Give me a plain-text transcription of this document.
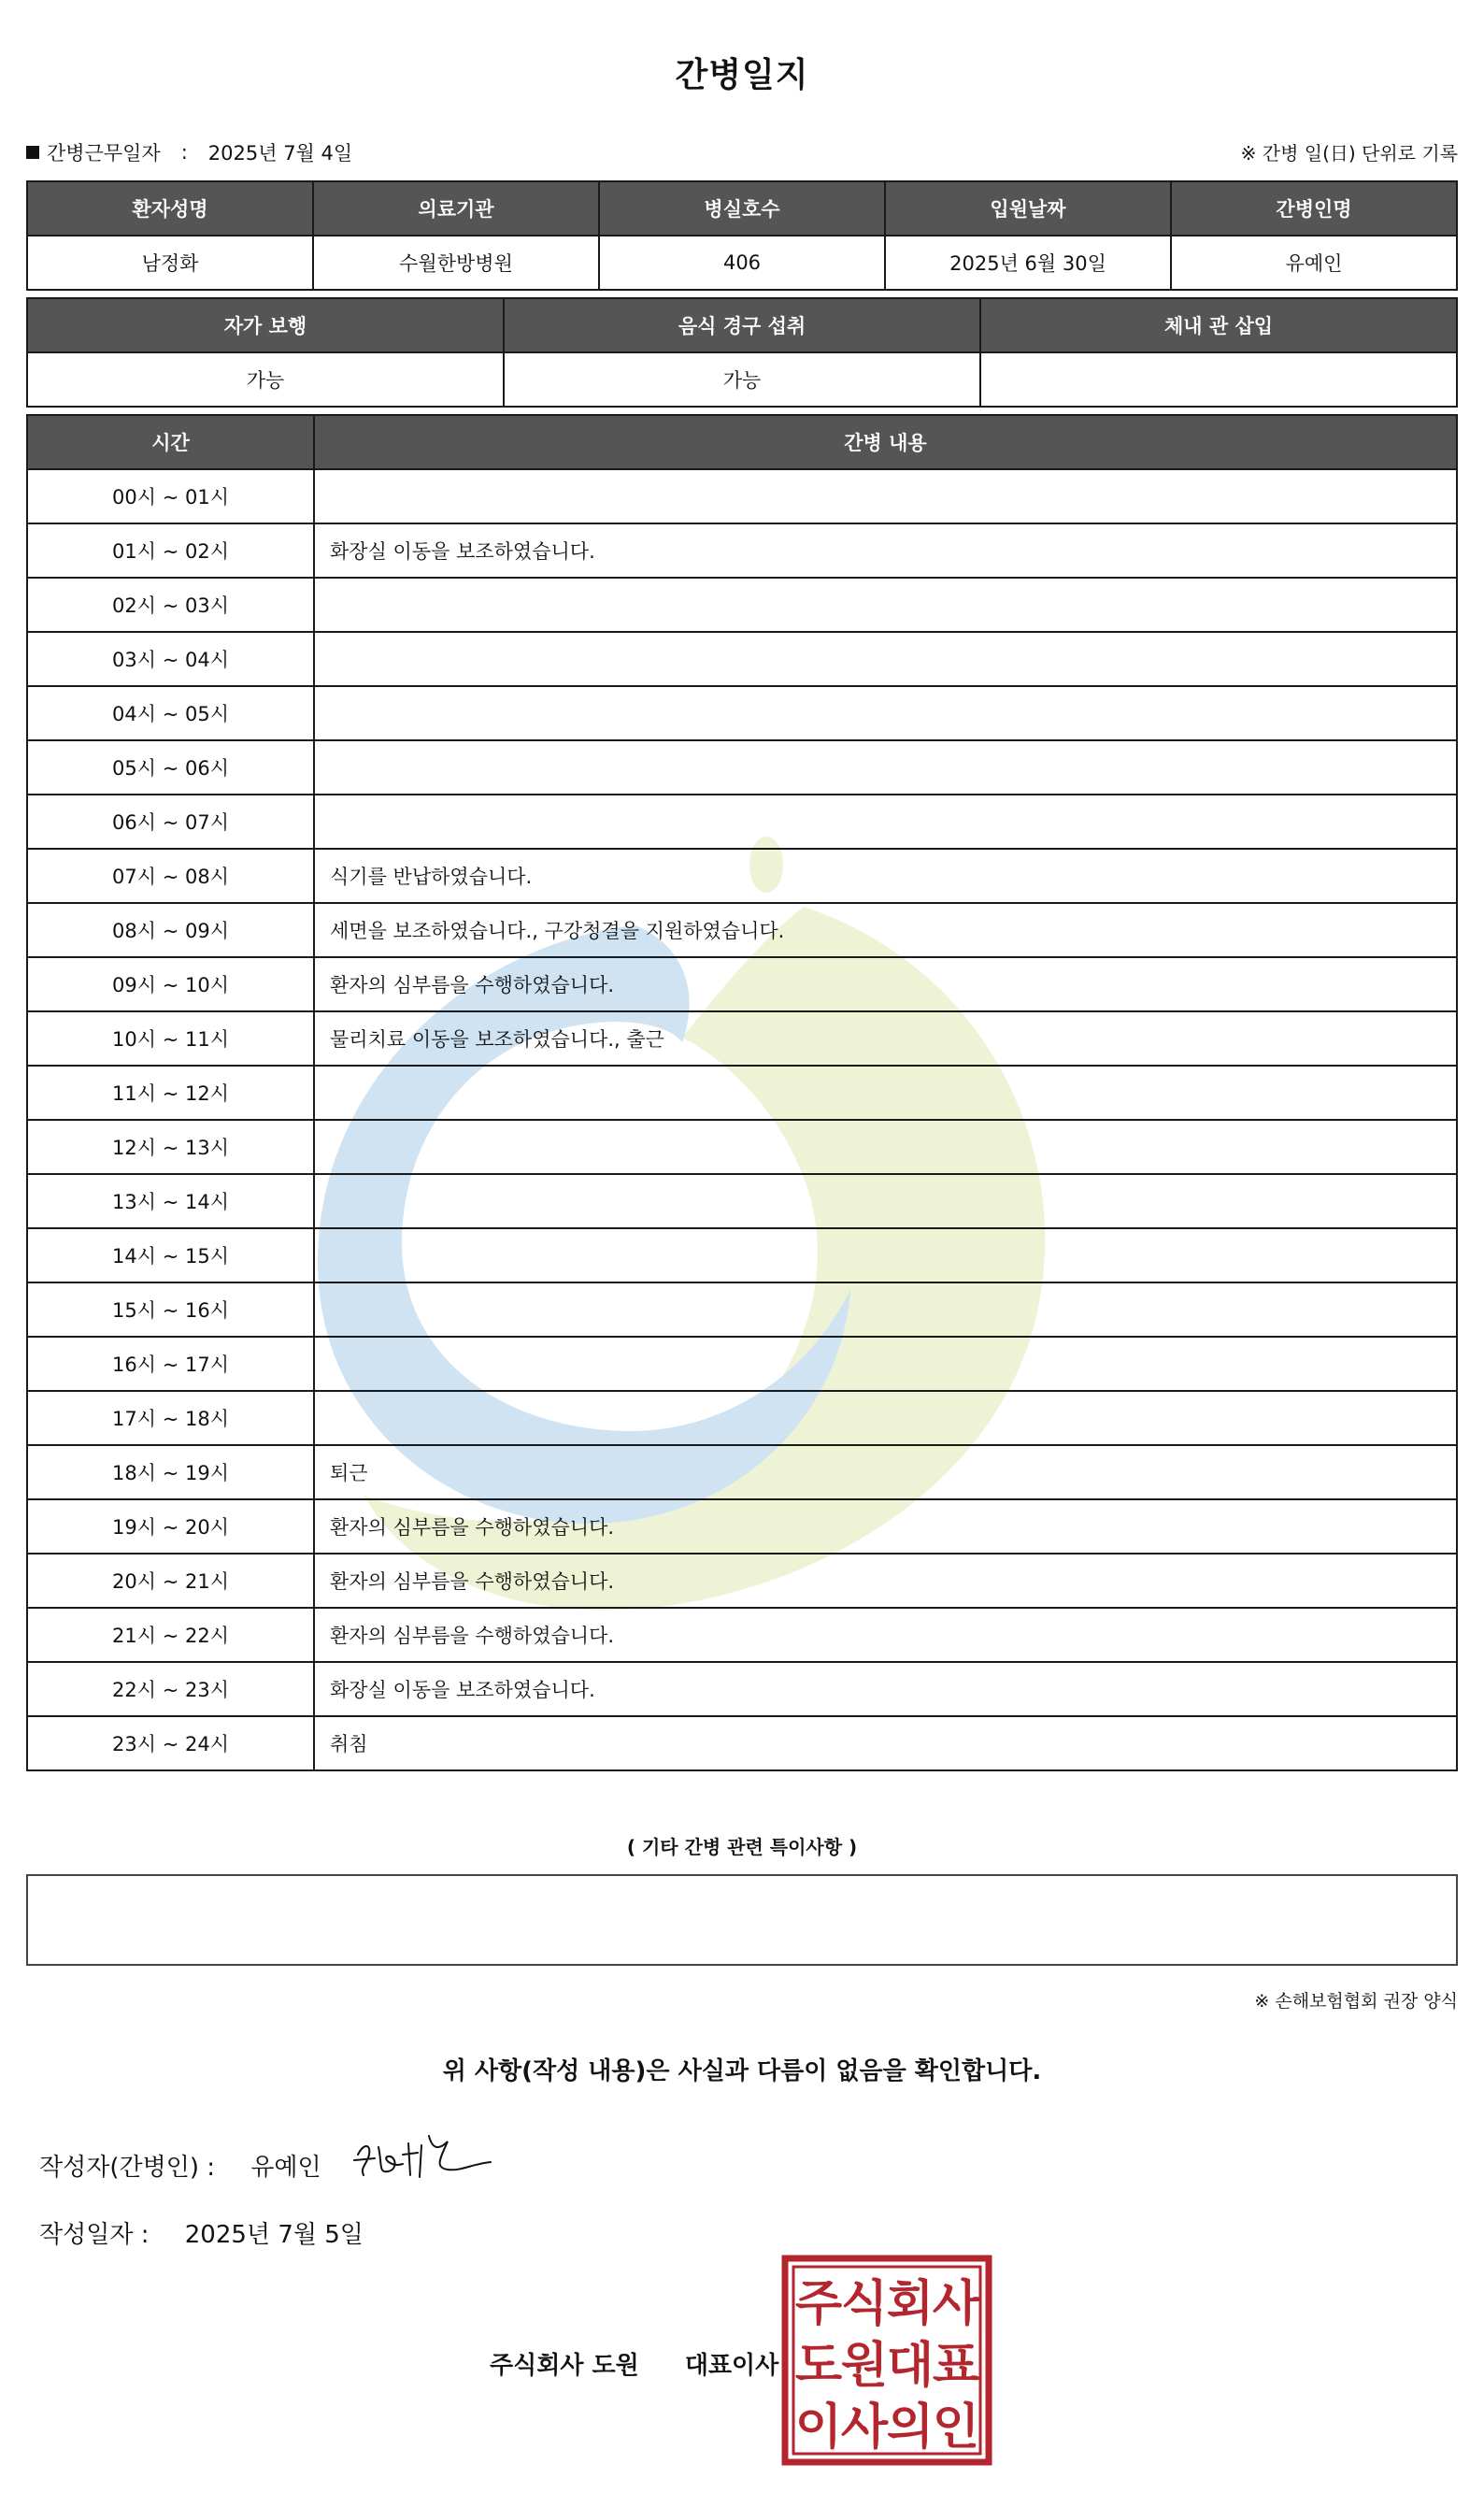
간병일지
간병근무일자 : 2025년 7월 4일	※ 간병 일(日) 단위로 기록
환자성명	의료기관	병실호수	입원날짜	간병인명
남정화	수월한방병원	406	2025년 6월 30일	유예인
자가 보행	음식 경구 섭취	체내 관 삽입
가능	가능	
시간	간병 내용
00시 ~ 01시	
01시 ~ 02시	화장실 이동을 보조하였습니다.
02시 ~ 03시	
03시 ~ 04시	
04시 ~ 05시	
05시 ~ 06시	
06시 ~ 07시	
07시 ~ 08시	식기를 반납하였습니다.
08시 ~ 09시	세면을 보조하였습니다., 구강청결을 지원하였습니다.
09시 ~ 10시	환자의 심부름을 수행하였습니다.
10시 ~ 11시	물리치료 이동을 보조하였습니다., 출근
11시 ~ 12시	
12시 ~ 13시	
13시 ~ 14시	
14시 ~ 15시	
15시 ~ 16시	
16시 ~ 17시	
17시 ~ 18시	
18시 ~ 19시	퇴근
19시 ~ 20시	환자의 심부름을 수행하였습니다.
20시 ~ 21시	환자의 심부름을 수행하였습니다.
21시 ~ 22시	환자의 심부름을 수행하였습니다.
22시 ~ 23시	화장실 이동을 보조하였습니다.
23시 ~ 24시	취침
( 기타 간병 관련 특이사항 )
※ 손해보험협회 권장 양식
위 사항(작성 내용)은 사실과 다름이 없음을 확인합니다.
작성자(간병인) : 유예인
작성일자 : 2025년 7월 5일
주식회사 도원 대표이사
주
식
회
사
도
원
대
표
이
사
의
인
